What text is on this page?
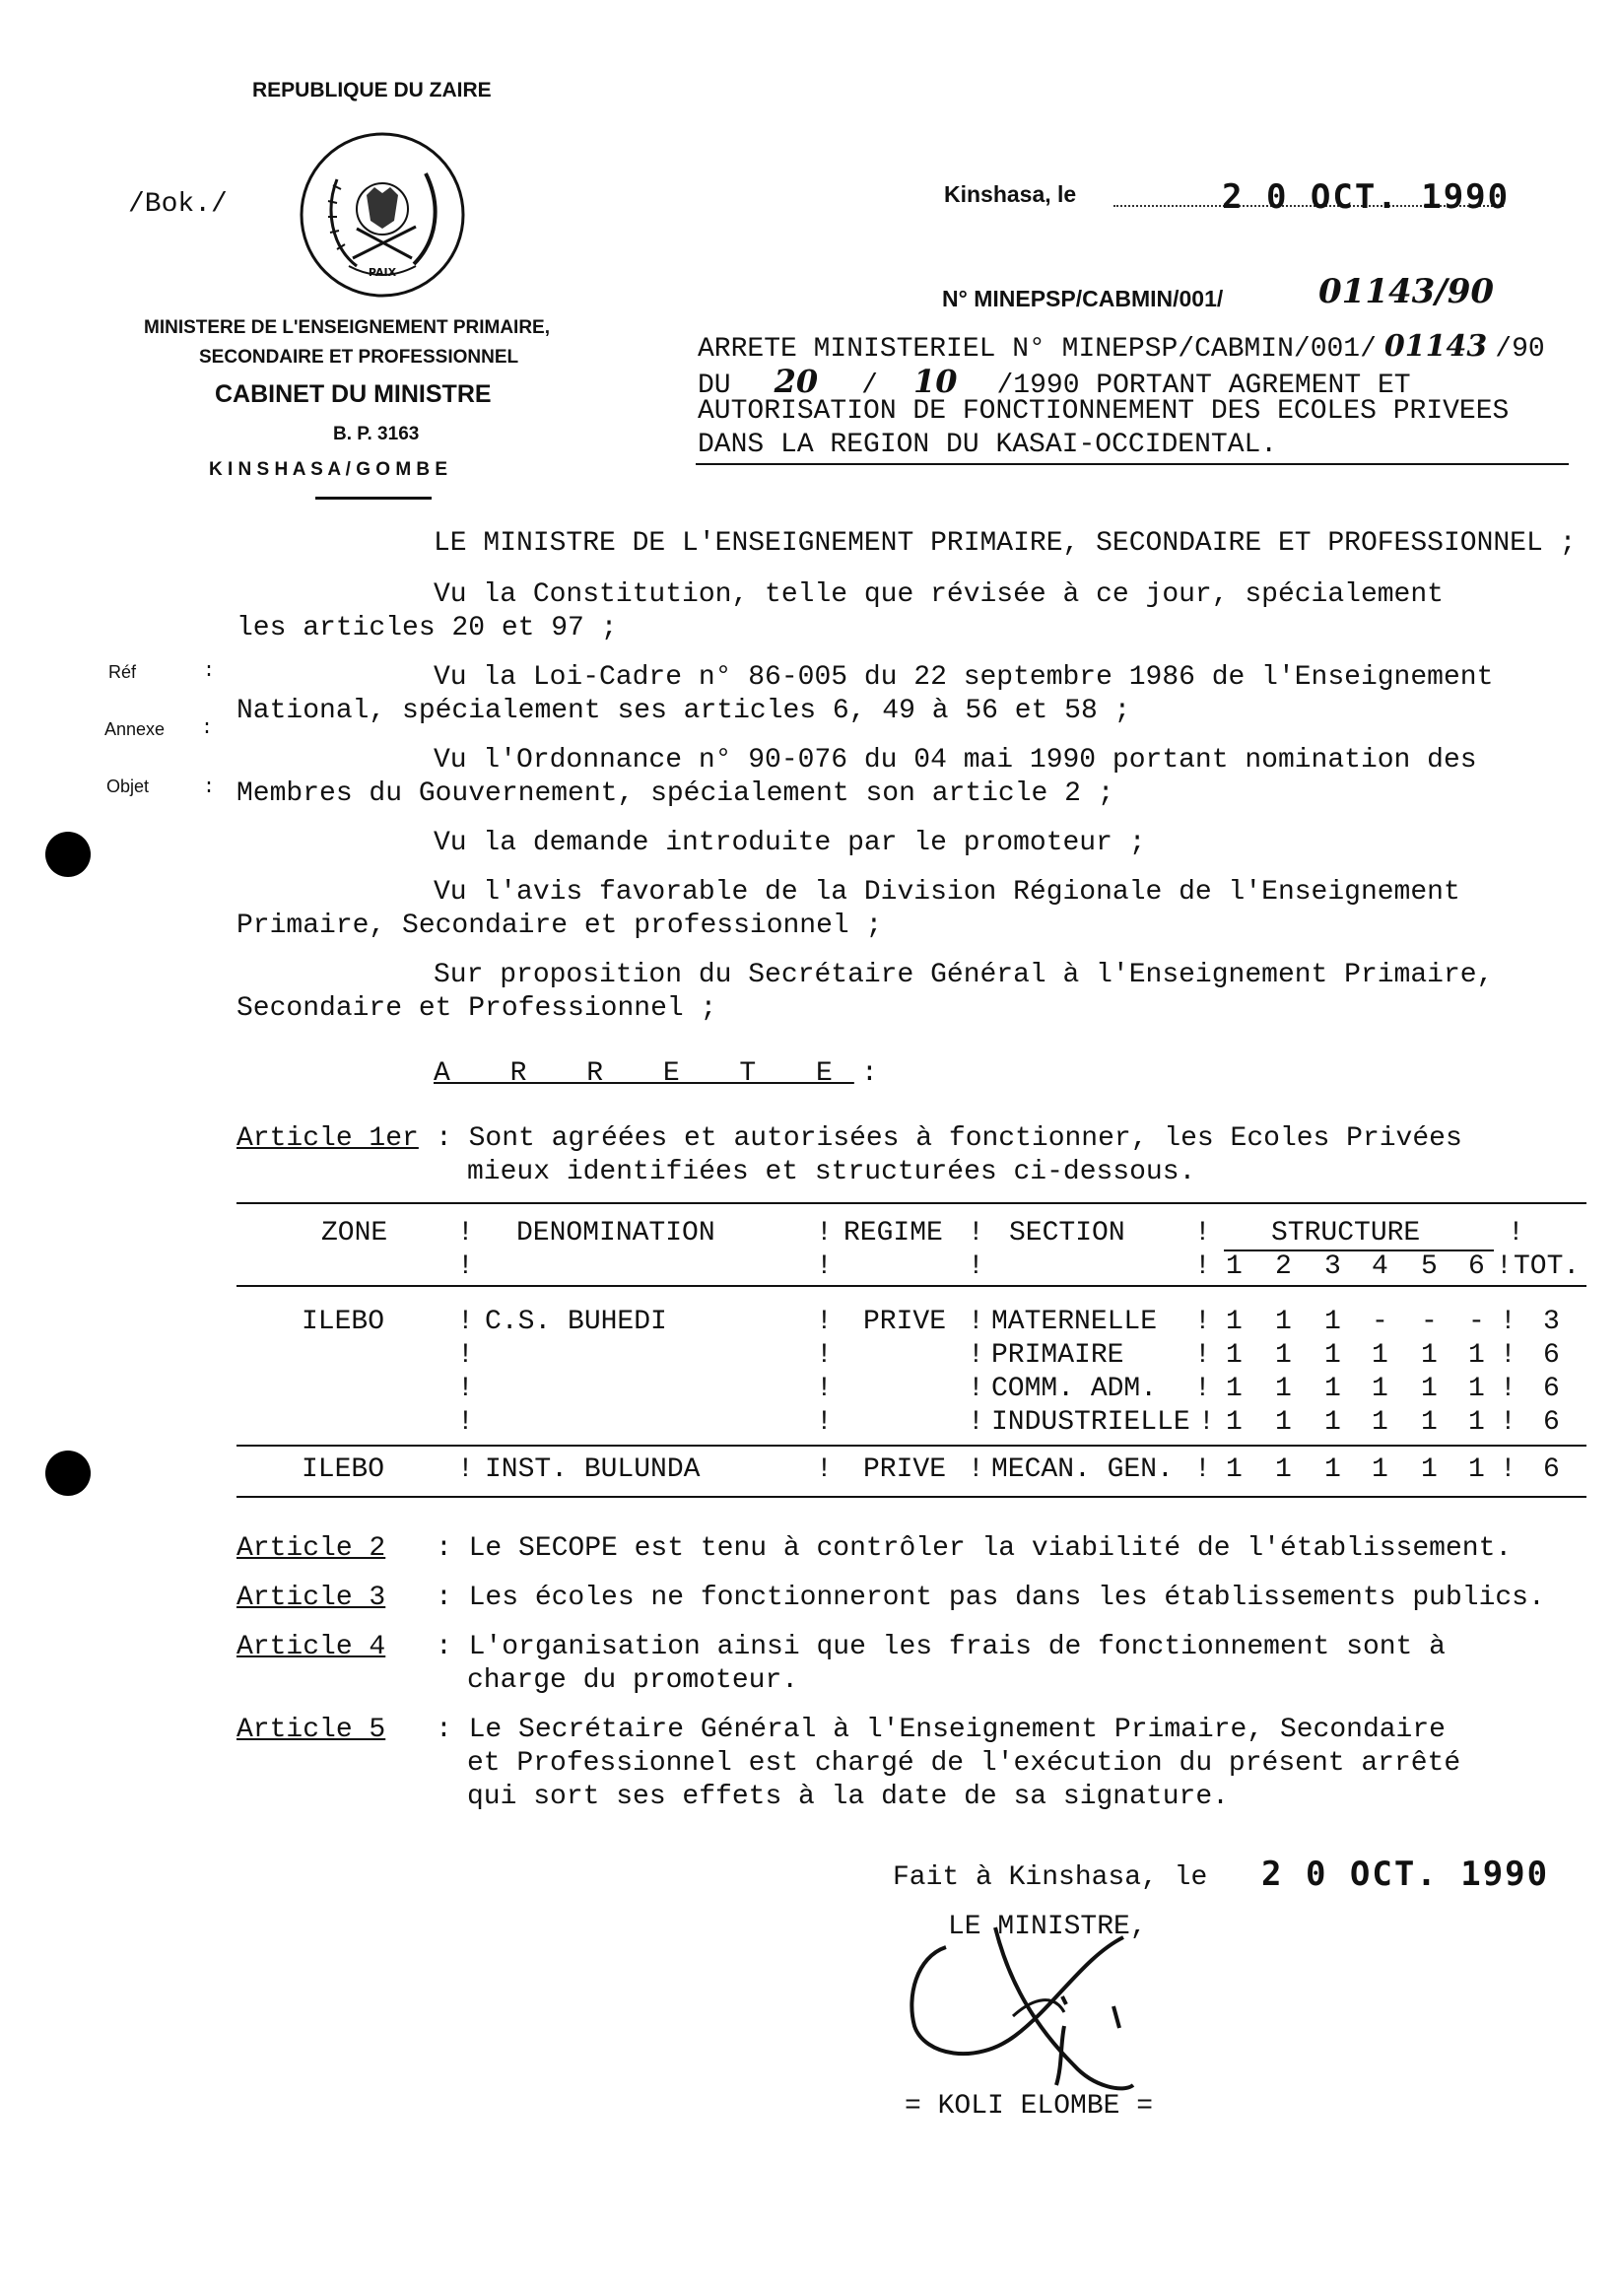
REPUBLIQUE DU ZAIRE
/Bok./
PAIX
MINISTERE DE L'ENSEIGNEMENT PRIMAIRE,
SECONDAIRE ET PROFESSIONNEL
CABINET DU MINISTRE
B. P. 3163
K I N S H A S A / G O M B E
Kinshasa, le	2 0 OCT. 1990
N° MINEPSP/CABMIN/001/	01143/90
ARRETE MINISTERIEL N° MINEPSP/CABMIN/001/ 01143 /90
DU 20 / 10 /1990 PORTANT AGREMENT ET
AUTORISATION DE FONCTIONNEMENT DES ECOLES PRIVEES
DANS LA REGION DU KASAI-OCCIDENTAL.
Réf	:
Annexe :
Objet	:
LE MINISTRE DE L'ENSEIGNEMENT PRIMAIRE, SECONDAIRE ET PROFESSIONNEL ;
Vu la Constitution, telle que révisée à ce jour, spécialement
les articles 20 et 97 ;
Vu la Loi-Cadre n° 86-005 du 22 septembre 1986 de l'Enseignement
National, spécialement ses articles 6, 49 à 56 et 58 ;
Vu l'Ordonnance n° 90-076 du 04 mai 1990 portant nomination des
Membres du Gouvernement, spécialement son article 2 ;
Vu la demande introduite par le promoteur ;
Vu l'avis favorable de la Division Régionale de l'Enseignement
Primaire, Secondaire et professionnel ;
Sur proposition du Secrétaire Général à l'Enseignement Primaire,
Secondaire et Professionnel ;
A R R E T E :
Article 1er : Sont agréées et autorisées à fonctionner, les Ecoles Privées
mieux identifiées et structurées ci-dessous.
ZONE	! DENOMINATION	! REGIME ! SECTION	! STRUCTURE	!
!	!	!	! 1 2 3 4 5 6 ! TOT.
ILEBO	! C.S. BUHEDI	! PRIVE ! MATERNELLE ! 1 1 1 - - - ! 3
!	!	! PRIMAIRE	! 1 1 1 1 1 1 ! 6
!	!	! COMM. ADM. ! 1 1 1 1 1 1 ! 6
!	!	! INDUSTRIELLE ! 1 1 1 1 1 1 ! 6
ILEBO	! INST. BULUNDA	! PRIVE ! MECAN. GEN. ! 1 1 1 1 1 1 ! 6
Article 2 : Le SECOPE est tenu à contrôler la viabilité de l'établissement.
Article 3 : Les écoles ne fonctionneront pas dans les établissements publics.
Article 4 : L'organisation ainsi que les frais de fonctionnement sont à
charge du promoteur.
Article 5 : Le Secrétaire Général à l'Enseignement Primaire, Secondaire
et Professionnel est chargé de l'exécution du présent arrêté
qui sort ses effets à la date de sa signature.
Fait à Kinshasa, le 2 0 OCT. 1990
LE MINISTRE,
= KOLI ELOMBE =
